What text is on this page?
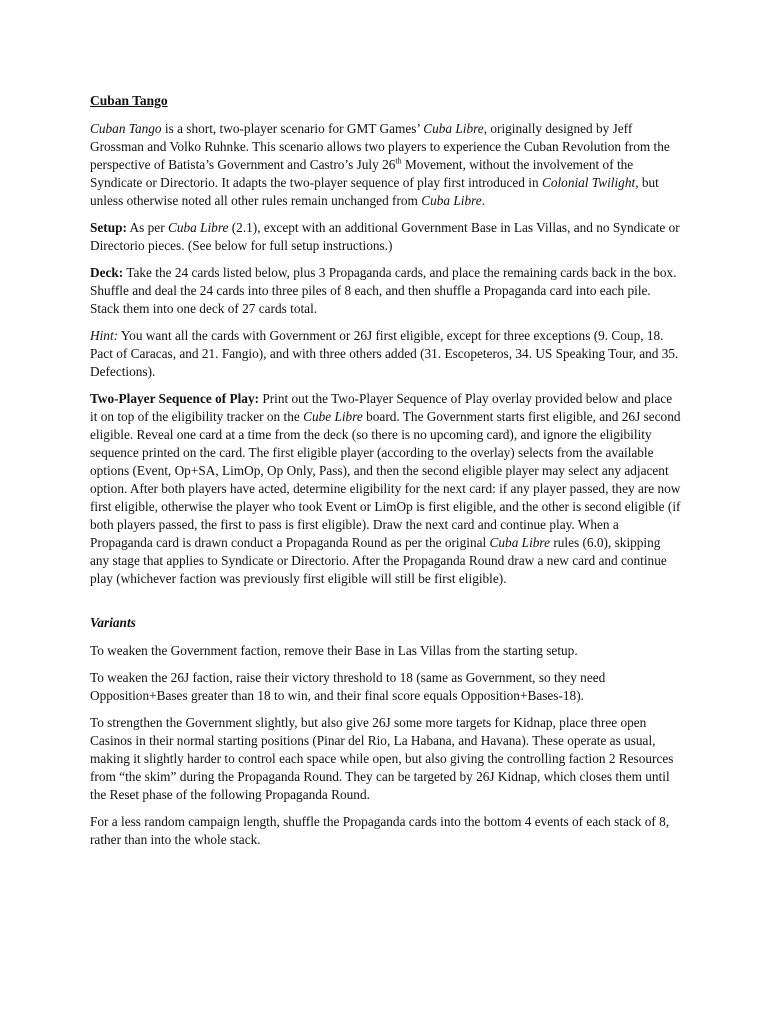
Cuban Tango

Cuban Tango is a short, two-player scenario for GMT Games’ Cuba Libre, originally designed by Jeff Grossman and Volko Ruhnke. This scenario allows two players to experience the Cuban Revolution from the perspective of Batista’s Government and Castro’s July 26th Movement, without the involvement of the Syndicate or Directorio. It adapts the two-player sequence of play first introduced in Colonial Twilight, but unless otherwise noted all other rules remain unchanged from Cuba Libre.

Setup: As per Cuba Libre (2.1), except with an additional Government Base in Las Villas, and no Syndicate or Directorio pieces. (See below for full setup instructions.)

Deck: Take the 24 cards listed below, plus 3 Propaganda cards, and place the remaining cards back in the box. Shuffle and deal the 24 cards into three piles of 8 each, and then shuffle a Propaganda card into each pile. Stack them into one deck of 27 cards total.

Hint: You want all the cards with Government or 26J first eligible, except for three exceptions (9. Coup, 18. Pact of Caracas, and 21. Fangio), and with three others added (31. Escopeteros, 34. US Speaking Tour, and 35. Defections).

Two-Player Sequence of Play: Print out the Two-Player Sequence of Play overlay provided below and place it on top of the eligibility tracker on the Cube Libre board. The Government starts first eligible, and 26J second eligible. Reveal one card at a time from the deck (so there is no upcoming card), and ignore the eligibility sequence printed on the card. The first eligible player (according to the overlay) selects from the available options (Event, Op+SA, LimOp, Op Only, Pass), and then the second eligible player may select any adjacent option. After both players have acted, determine eligibility for the next card: if any player passed, they are now first eligible, otherwise the player who took Event or LimOp is first eligible, and the other is second eligible (if both players passed, the first to pass is first eligible). Draw the next card and continue play. When a Propaganda card is drawn conduct a Propaganda Round as per the original Cuba Libre rules (6.0), skipping any stage that applies to Syndicate or Directorio. After the Propaganda Round draw a new card and continue play (whichever faction was previously first eligible will still be first eligible).

Variants

To weaken the Government faction, remove their Base in Las Villas from the starting setup.

To weaken the 26J faction, raise their victory threshold to 18 (same as Government, so they need Opposition+Bases greater than 18 to win, and their final score equals Opposition+Bases-18).

To strengthen the Government slightly, but also give 26J some more targets for Kidnap, place three open Casinos in their normal starting positions (Pinar del Rio, La Habana, and Havana). These operate as usual, making it slightly harder to control each space while open, but also giving the controlling faction 2 Resources from “the skim” during the Propaganda Round. They can be targeted by 26J Kidnap, which closes them until the Reset phase of the following Propaganda Round.

For a less random campaign length, shuffle the Propaganda cards into the bottom 4 events of each stack of 8, rather than into the whole stack.
